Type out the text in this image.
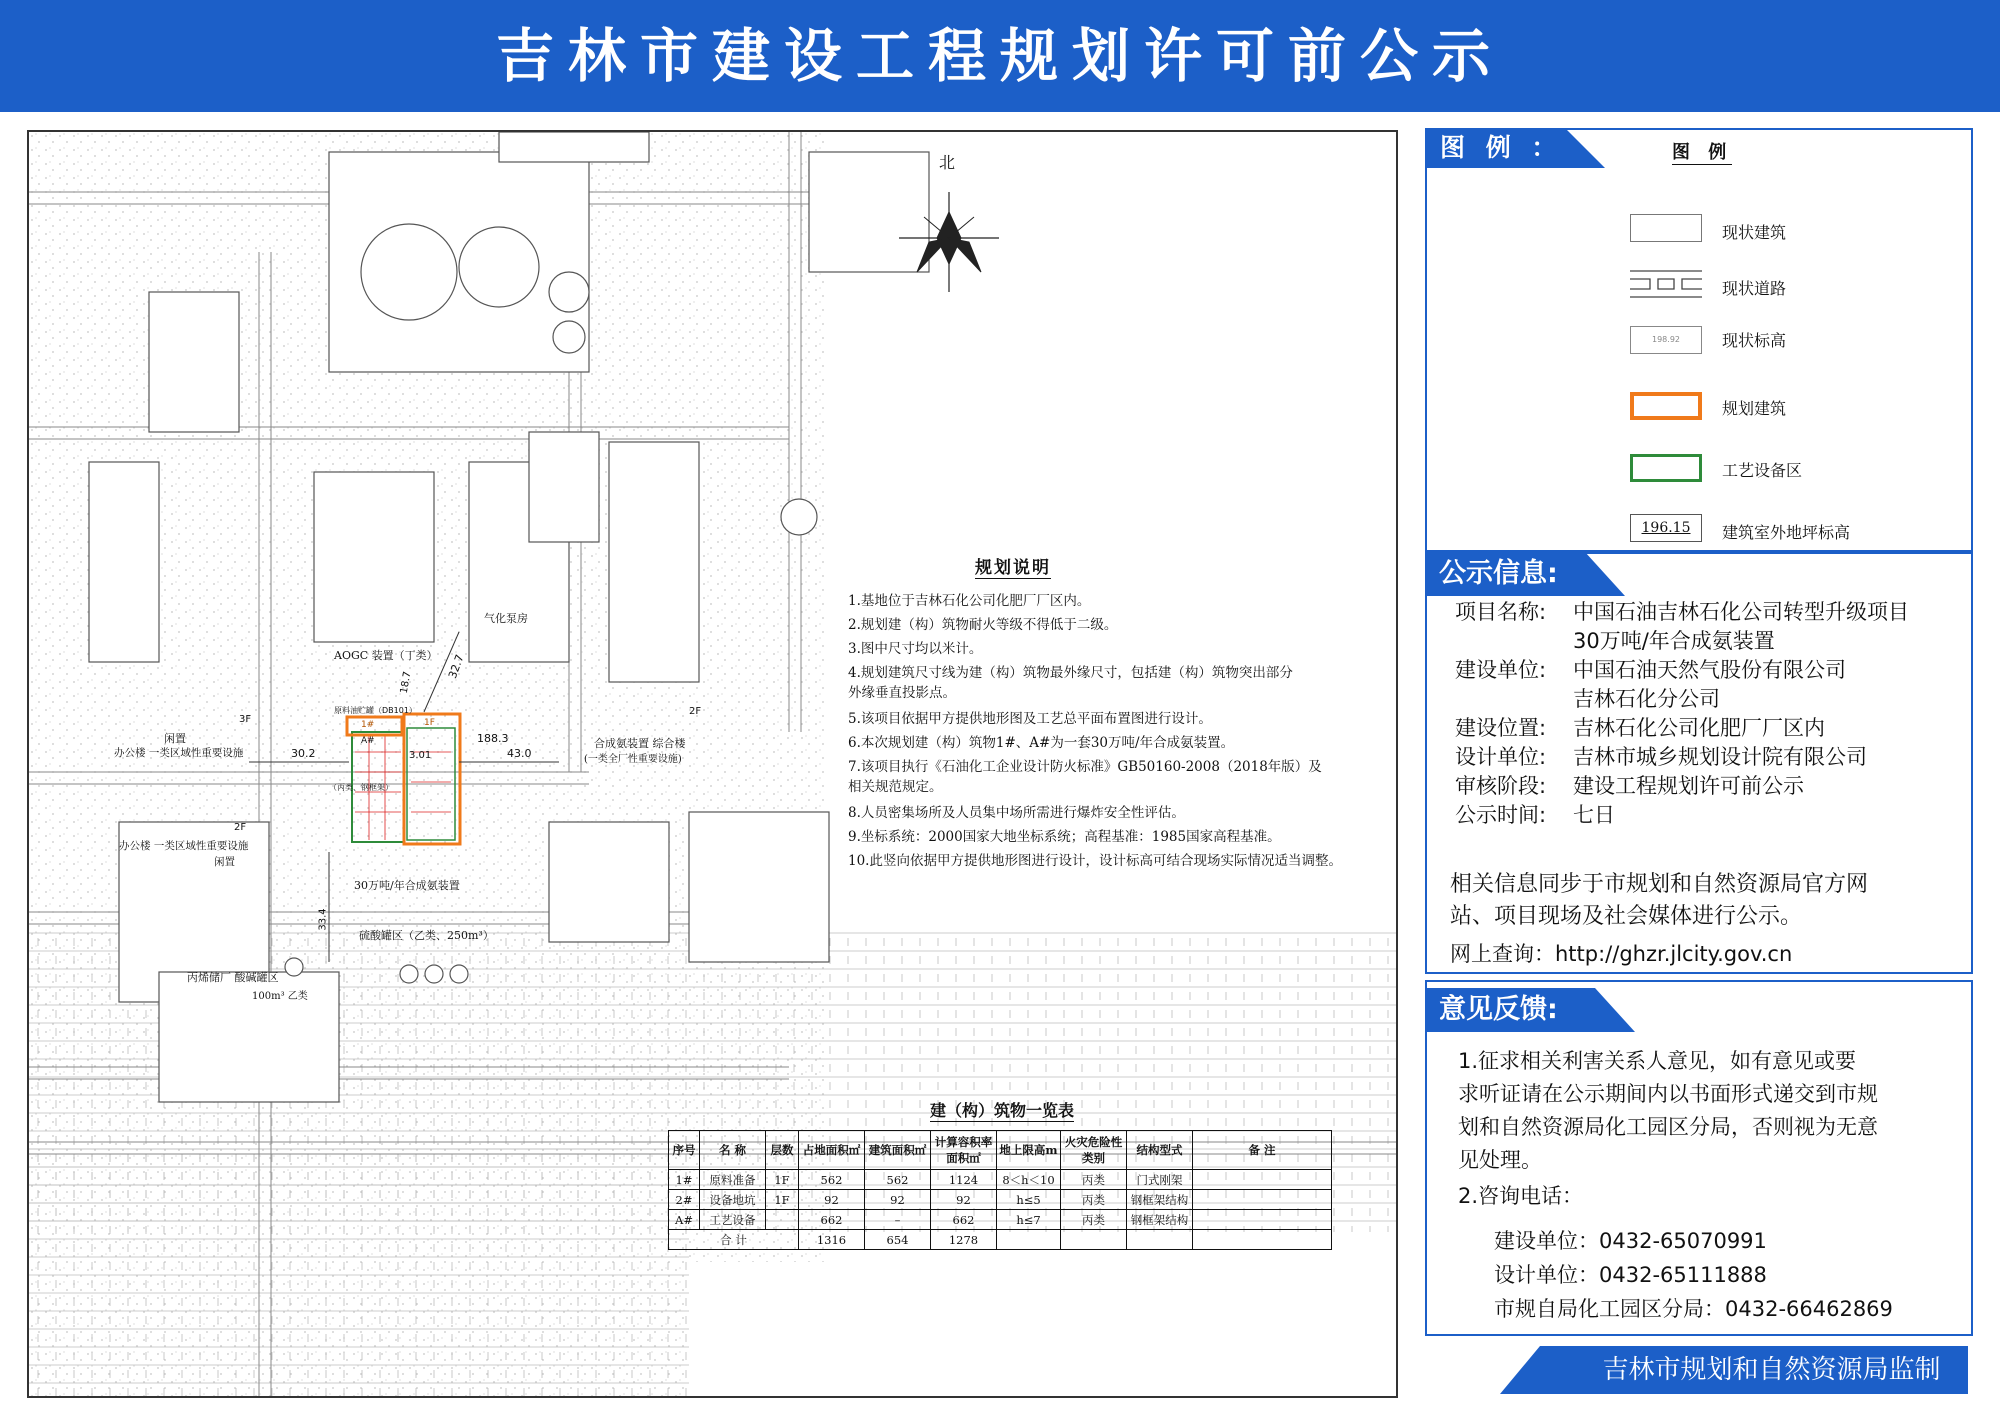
吉林市建设工程规划许可前公示
北
AOGC 装置（丁类）
气化泵房
3F
闲置
办公楼 一类区域性重要设施
2F
办公楼 一类区域性重要设施
闲置
2F
合成氨装置 综合楼
(一类全厂性重要设施)
30万吨/年合成氨装置
硫酸罐区（乙类、250m³）
丙烯储厂 酸碱罐区
100m³ 乙类
原料油贮罐（DB101）
1#
A#
1F
（丙类、钢框架）
30.2
188.3
43.0
32.7
18.7
33.4
3.01
规划说明
1.基地位于吉林石化公司化肥厂厂区内。
2.规划建（构）筑物耐火等级不得低于二级。
3.图中尺寸均以米计。
4.规划建筑尺寸线为建（构）筑物最外缘尺寸，包括建（构）筑物突出部分
外缘垂直投影点。
5.该项目依据甲方提供地形图及工艺总平面布置图进行设计。
6.本次规划建（构）筑物1#、A#为一套30万吨/年合成氨装置。
7.该项目执行《石油化工企业设计防火标准》GB50160-2008（2018年版）及
相关规范规定。
8.人员密集场所及人员集中场所需进行爆炸安全性评估。
9.坐标系统：2000国家大地坐标系统；高程基准：1985国家高程基准。
10.此竖向依据甲方提供地形图进行设计，设计标高可结合现场实际情况适当调整。
建（构）筑物一览表
序号	名 称	层数	占地面积㎡	建筑面积㎡	计算容积率面积㎡	地上限高m	火灾危险性类别	结构型式	备 注
1#	原料准备	1F	562	562	1124	8＜h＜10	丙类	门式刚架	
2#	设备地坑	1F	92	92	92	h≤5	丙类	钢框架结构	
A#	工艺设备		662	–	662	h≤7	丙类	钢框架结构	
合 计			1316	654	1278				
图 例 ：	图 例
现状建筑
现状道路
198.92	现状标高
规划建筑
工艺设备区
196.15	建筑室外地坪标高
公示信息:
项目名称: 中国石油吉林石化公司转型升级项目
30万吨/年合成氨装置
建设单位: 中国石油天然气股份有限公司
吉林石化分公司
建设位置: 吉林石化公司化肥厂厂区内
设计单位: 吉林市城乡规划设计院有限公司
审核阶段: 建设工程规划许可前公示
公示时间: 七日
相关信息同步于市规划和自然资源局官方网
站、项目现场及社会媒体进行公示。
网上查询：http://ghzr.jlcity.gov.cn
意见反馈:
1.征求相关利害关系人意见，如有意见或要
求听证请在公示期间内以书面形式递交到市规
划和自然资源局化工园区分局，否则视为无意
见处理。
2.咨询电话：
建设单位：0432-65070991
设计单位：0432-65111888
市规自局化工园区分局：0432-66462869
吉林市规划和自然资源局监制
